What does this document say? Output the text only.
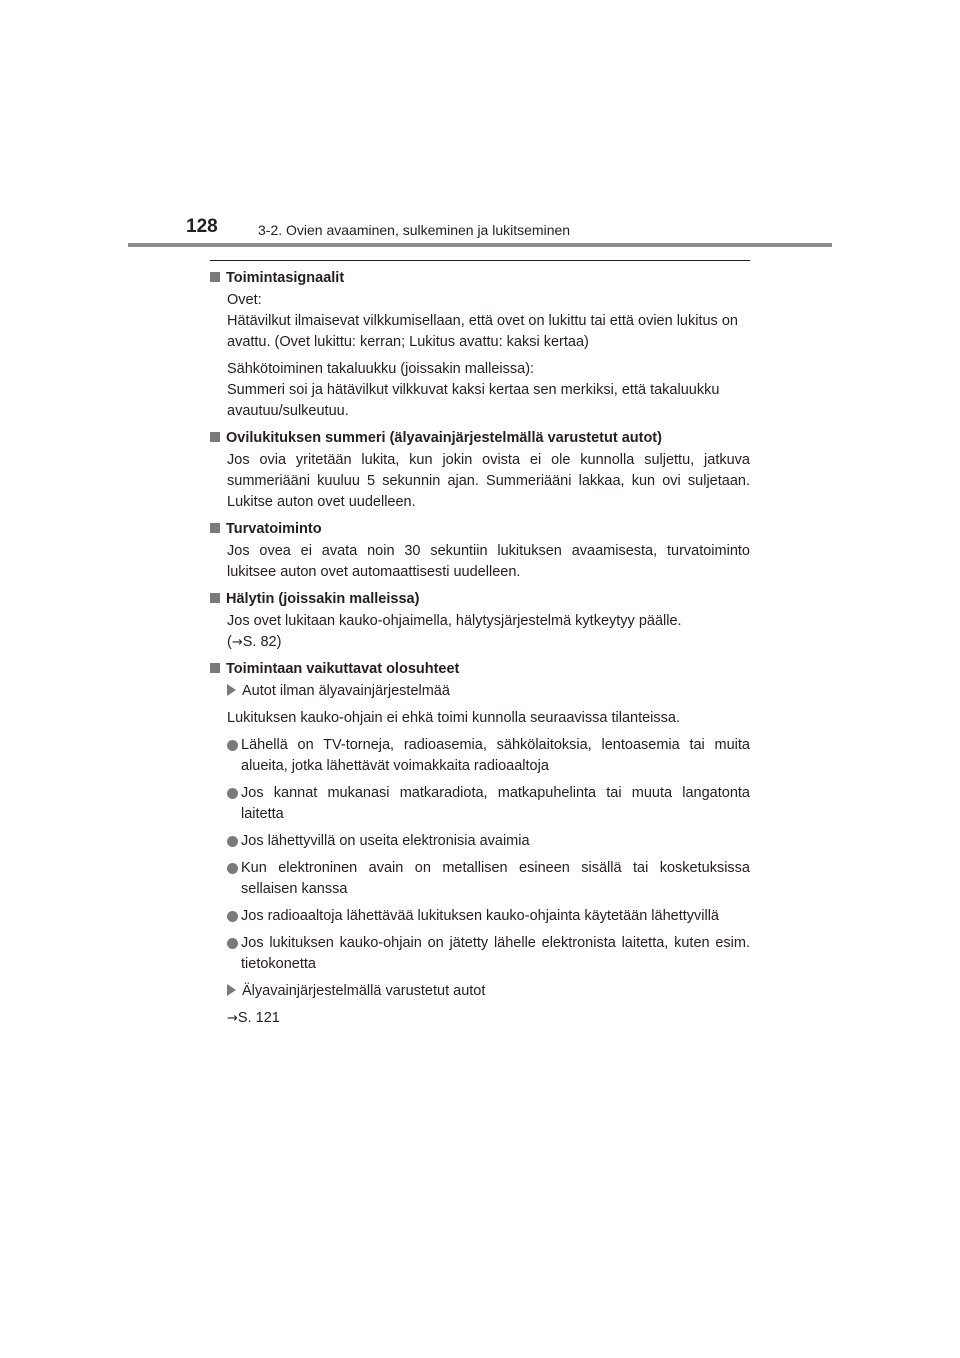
128	3-2. Ovien avaaminen, sulkeminen ja lukitseminen
Toimintasignaalit
Ovet:
Hätävilkut ilmaisevat vilkkumisellaan, että ovet on lukittu tai että ovien lukitus on avattu. (Ovet lukittu: kerran; Lukitus avattu: kaksi kertaa)
Sähkötoiminen takaluukku (joissakin malleissa):
Summeri soi ja hätävilkut vilkkuvat kaksi kertaa sen merkiksi, että takaluukku avautuu/sulkeutuu.
Ovilukituksen summeri (älyavainjärjestelmällä varustetut autot)
Jos ovia yritetään lukita, kun jokin ovista ei ole kunnolla suljettu, jatkuva summeriääni kuuluu 5 sekunnin ajan. Summeriääni lakkaa, kun ovi suljetaan. Lukitse auton ovet uudelleen.
Turvatoiminto
Jos ovea ei avata noin 30 sekuntiin lukituksen avaamisesta, turvatoiminto lukitsee auton ovet automaattisesti uudelleen.
Hälytin (joissakin malleissa)
Jos ovet lukitaan kauko-ohjaimella, hälytysjärjestelmä kytkeytyy päälle.
(→S. 82)
Toimintaan vaikuttavat olosuhteet
Autot ilman älyavainjärjestelmää
Lukituksen kauko-ohjain ei ehkä toimi kunnolla seuraavissa tilanteissa.
Lähellä on TV-torneja, radioasemia, sähkölaitoksia, lentoasemia tai muita alueita, jotka lähettävät voimakkaita radioaaltoja
Jos kannat mukanasi matkaradiota, matkapuhelinta tai muuta langatonta laitetta
Jos lähettyvillä on useita elektronisia avaimia
Kun elektroninen avain on metallisen esineen sisällä tai kosketuksissa sellaisen kanssa
Jos radioaaltoja lähettävää lukituksen kauko-ohjainta käytetään lähettyvillä
Jos lukituksen kauko-ohjain on jätetty lähelle elektronista laitetta, kuten esim. tietokonetta
Älyavainjärjestelmällä varustetut autot
→S. 121
